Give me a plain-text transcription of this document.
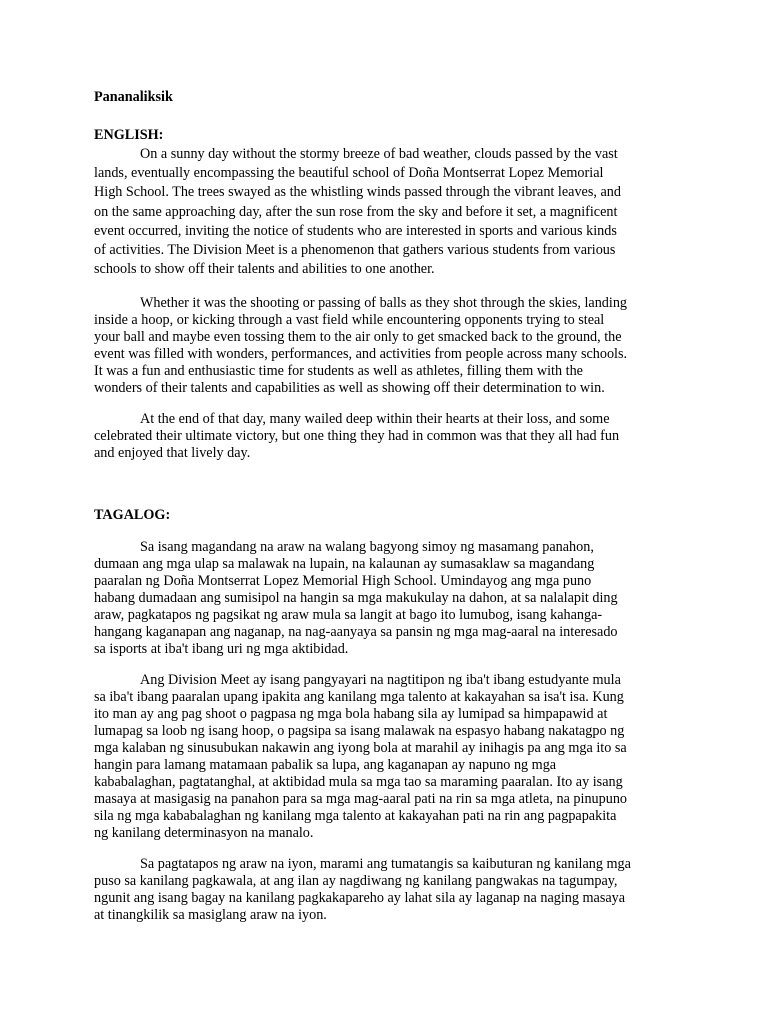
Pananaliksik
ENGLISH:

On a sunny day without the stormy breeze of bad weather, clouds passed by the vast
lands, eventually encompassing the beautiful school of Doña Montserrat Lopez Memorial
High School. The trees swayed as the whistling winds passed through the vibrant leaves, and
on the same approaching day, after the sun rose from the sky and before it set, a magnificent
event occurred, inviting the notice of students who are interested in sports and various kinds
of activities. The Division Meet is a phenomenon that gathers various students from various
schools to show off their talents and abilities to one another.

Whether it was the shooting or passing of balls as they shot through the skies, landing
inside a hoop, or kicking through a vast field while encountering opponents trying to steal
your ball and maybe even tossing them to the air only to get smacked back to the ground, the
event was filled with wonders, performances, and activities from people across many schools.
It was a fun and enthusiastic time for students as well as athletes, filling them with the
wonders of their talents and capabilities as well as showing off their determination to win.

At the end of that day, many wailed deep within their hearts at their loss, and some
celebrated their ultimate victory, but one thing they had in common was that they all had fun
and enjoyed that lively day.

TAGALOG:

Sa isang magandang na araw na walang bagyong simoy ng masamang panahon,
dumaan ang mga ulap sa malawak na lupain, na kalaunan ay sumasaklaw sa magandang
paaralan ng Doña Montserrat Lopez Memorial High School. Umindayog ang mga puno
habang dumadaan ang sumisipol na hangin sa mga makukulay na dahon, at sa nalalapit ding
araw, pagkatapos ng pagsikat ng araw mula sa langit at bago ito lumubog, isang kahanga-
hangang kaganapan ang naganap, na nag-aanyaya sa pansin ng mga mag-aaral na interesado
sa isports at iba't ibang uri ng mga aktibidad.

Ang Division Meet ay isang pangyayari na nagtitipon ng iba't ibang estudyante mula
sa iba't ibang paaralan upang ipakita ang kanilang mga talento at kakayahan sa isa't isa. Kung
ito man ay ang pag shoot o pagpasa ng mga bola habang sila ay lumipad sa himpapawid at
lumapag sa loob ng isang hoop, o pagsipa sa isang malawak na espasyo habang nakatagpo ng
mga kalaban ng sinusubukan nakawin ang iyong bola at marahil ay inihagis pa ang mga ito sa
hangin para lamang matamaan pabalik sa lupa, ang kaganapan ay napuno ng mga
kababalaghan, pagtatanghal, at aktibidad mula sa mga tao sa maraming paaralan. Ito ay isang
masaya at masigasig na panahon para sa mga mag-aaral pati na rin sa mga atleta, na pinupuno
sila ng mga kababalaghan ng kanilang mga talento at kakayahan pati na rin ang pagpapakita
ng kanilang determinasyon na manalo.

Sa pagtatapos ng araw na iyon, marami ang tumatangis sa kaibuturan ng kanilang mga
puso sa kanilang pagkawala, at ang ilan ay nagdiwang ng kanilang pangwakas na tagumpay,
ngunit ang isang bagay na kanilang pagkakapareho ay lahat sila ay laganap na naging masaya
at tinangkilik sa masiglang araw na iyon.
